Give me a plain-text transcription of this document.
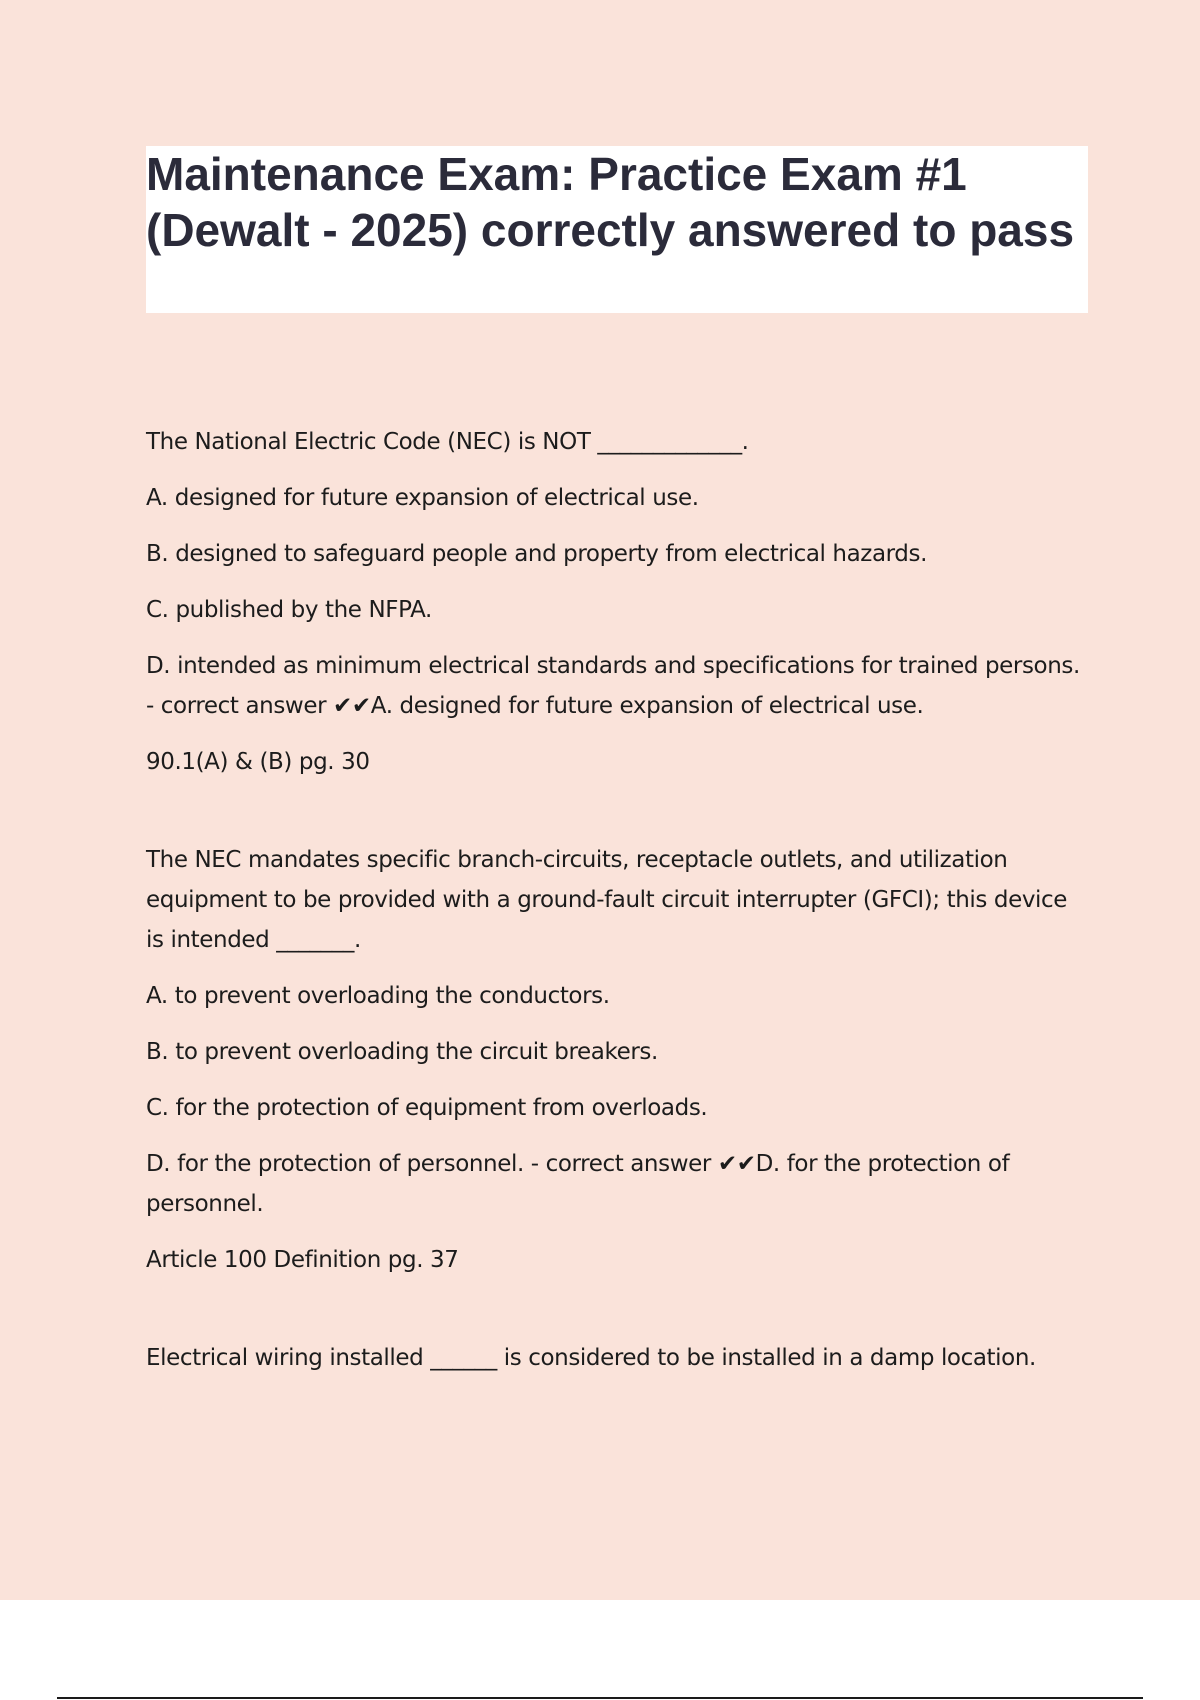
Maintenance Exam: Practice Exam #1 (Dewalt - 2025) correctly answered to pass

The National Electric Code (NEC) is NOT _____________.

A. designed for future expansion of electrical use.

B. designed to safeguard people and property from electrical hazards.

C. published by the NFPA.

D. intended as minimum electrical standards and specifications for trained persons. - correct answer ✔✔A. designed for future expansion of electrical use.

90.1(A) & (B) pg. 30

The NEC mandates specific branch-circuits, receptacle outlets, and utilization equipment to be provided with a ground-fault circuit interrupter (GFCI); this device is intended _______.

A. to prevent overloading the conductors.

B. to prevent overloading the circuit breakers.

C. for the protection of equipment from overloads.

D. for the protection of personnel. - correct answer ✔✔D. for the protection of personnel.

Article 100 Definition pg. 37

Electrical wiring installed ______ is considered to be installed in a damp location.
